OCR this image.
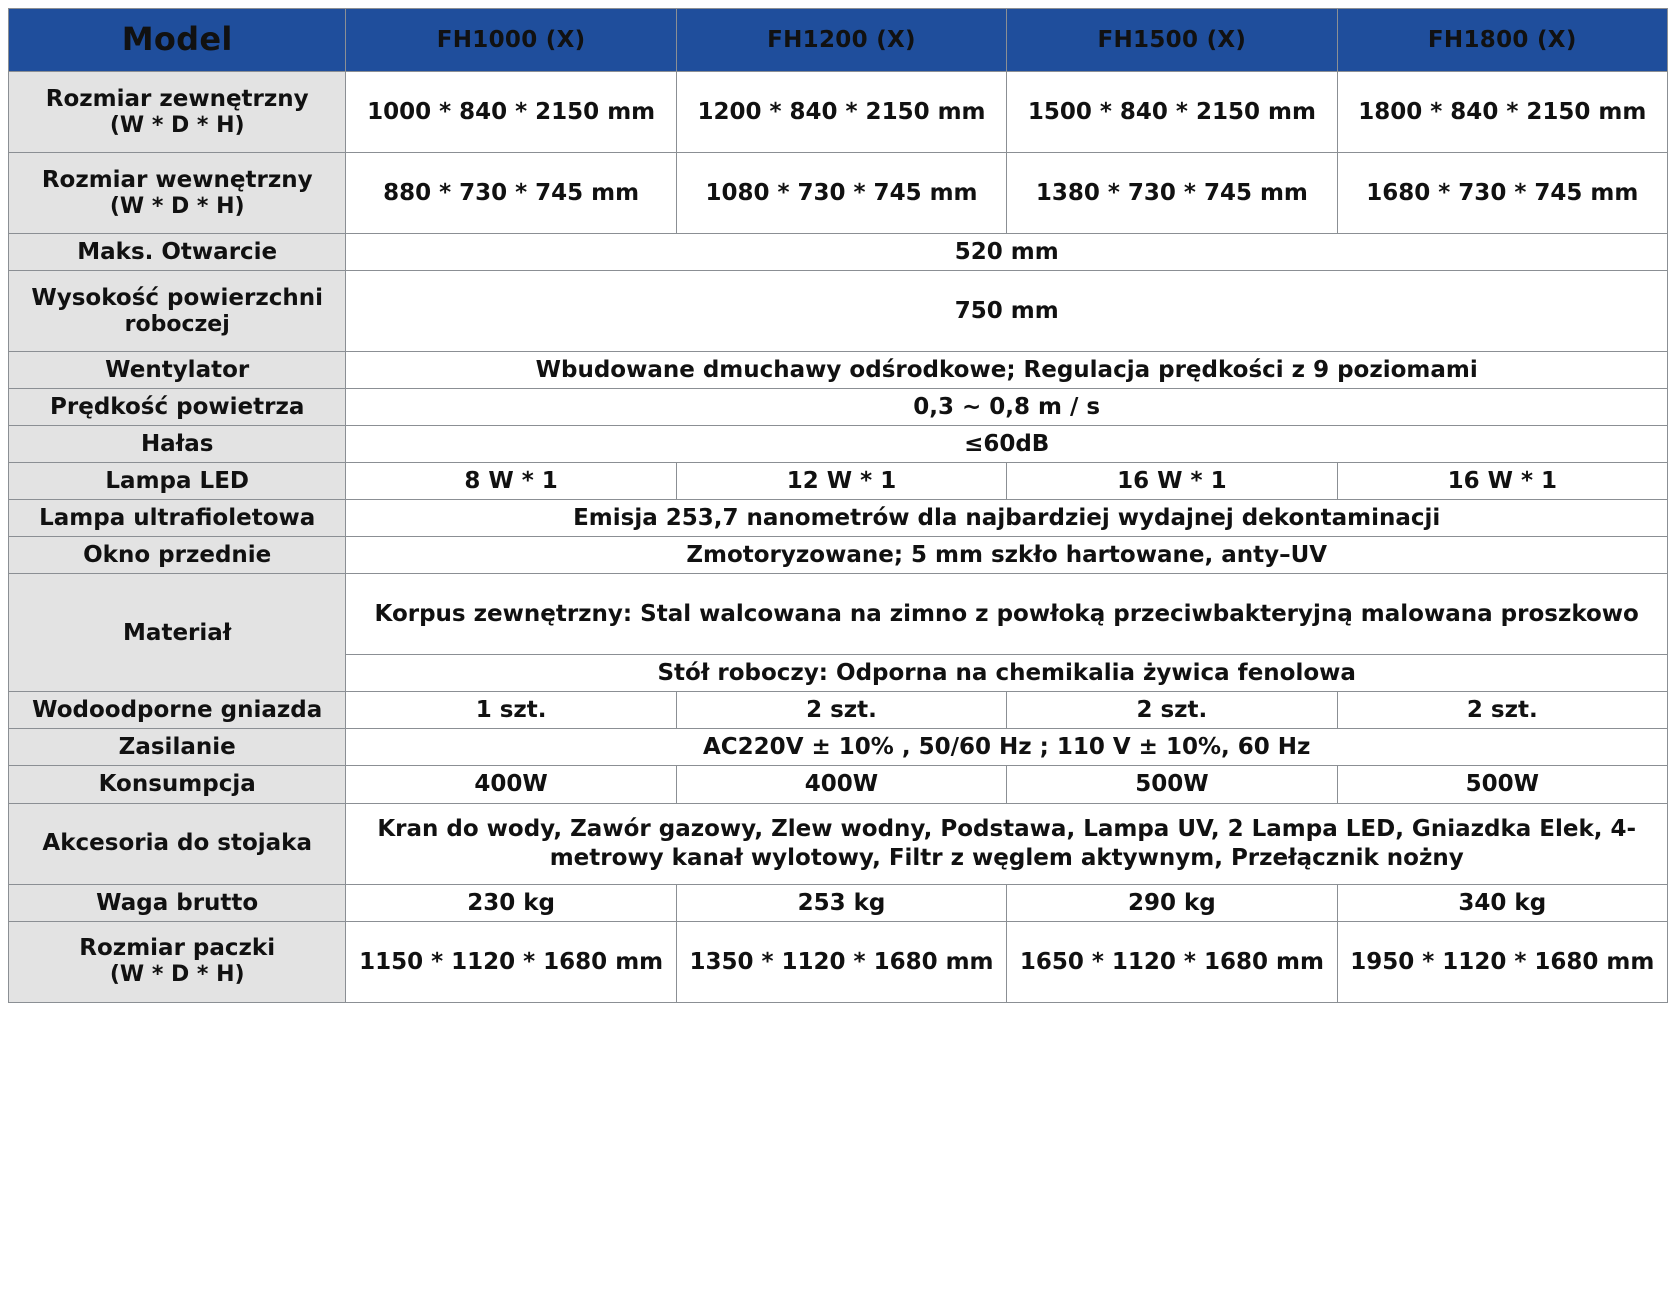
Model	FH1000 (X)	FH1200 (X)	FH1500 (X)	FH1800 (X)
Rozmiar zewnętrzny
(W * D * H)	1000 * 840 * 2150 mm	1200 * 840 * 2150 mm	1500 * 840 * 2150 mm	1800 * 840 * 2150 mm
Rozmiar wewnętrzny
(W * D * H)	880 * 730 * 745 mm	1080 * 730 * 745 mm	1380 * 730 * 745 mm	1680 * 730 * 745 mm
Maks. Otwarcie	520 mm			
Wysokość powierzchni
roboczej	750 mm			
Wentylator	Wbudowane dmuchawy odśrodkowe; Regulacja prędkości z 9 poziomami			
Prędkość powietrza	0,3 ~ 0,8 m / s			
Hałas	≤60dB			
Lampa LED	8 W * 1	12 W * 1	16 W * 1	16 W * 1
Lampa ultrafioletowa	Emisja 253,7 nanometrów dla najbardziej wydajnej dekontaminacji			
Okno przednie	Zmotoryzowane; 5 mm szkło hartowane, anty–UV			
Materiał	Korpus zewnętrzny: Stal walcowana na zimno z powłoką przeciwbakteryjną malowana proszkowo			
	Stół roboczy: Odporna na chemikalia żywica fenolowa			
Wodoodporne gniazda	1 szt.	2 szt.	2 szt.	2 szt.
Zasilanie	AC220V ± 10% , 50/60 Hz ; 110 V ± 10%, 60 Hz			
Konsumpcja	400W	400W	500W	500W
Akcesoria do stojaka	Kran do wody, Zawór gazowy, Zlew wodny, Podstawa, Lampa UV, 2 Lampa LED, Gniazdka Elek, 4-metrowy kanał wylotowy, Filtr z węglem aktywnym, Przełącznik nożny			
Waga brutto	230 kg	253 kg	290 kg	340 kg
Rozmiar paczki
(W * D * H)	1150 * 1120 * 1680 mm	1350 * 1120 * 1680 mm	1650 * 1120 * 1680 mm	1950 * 1120 * 1680 mm
